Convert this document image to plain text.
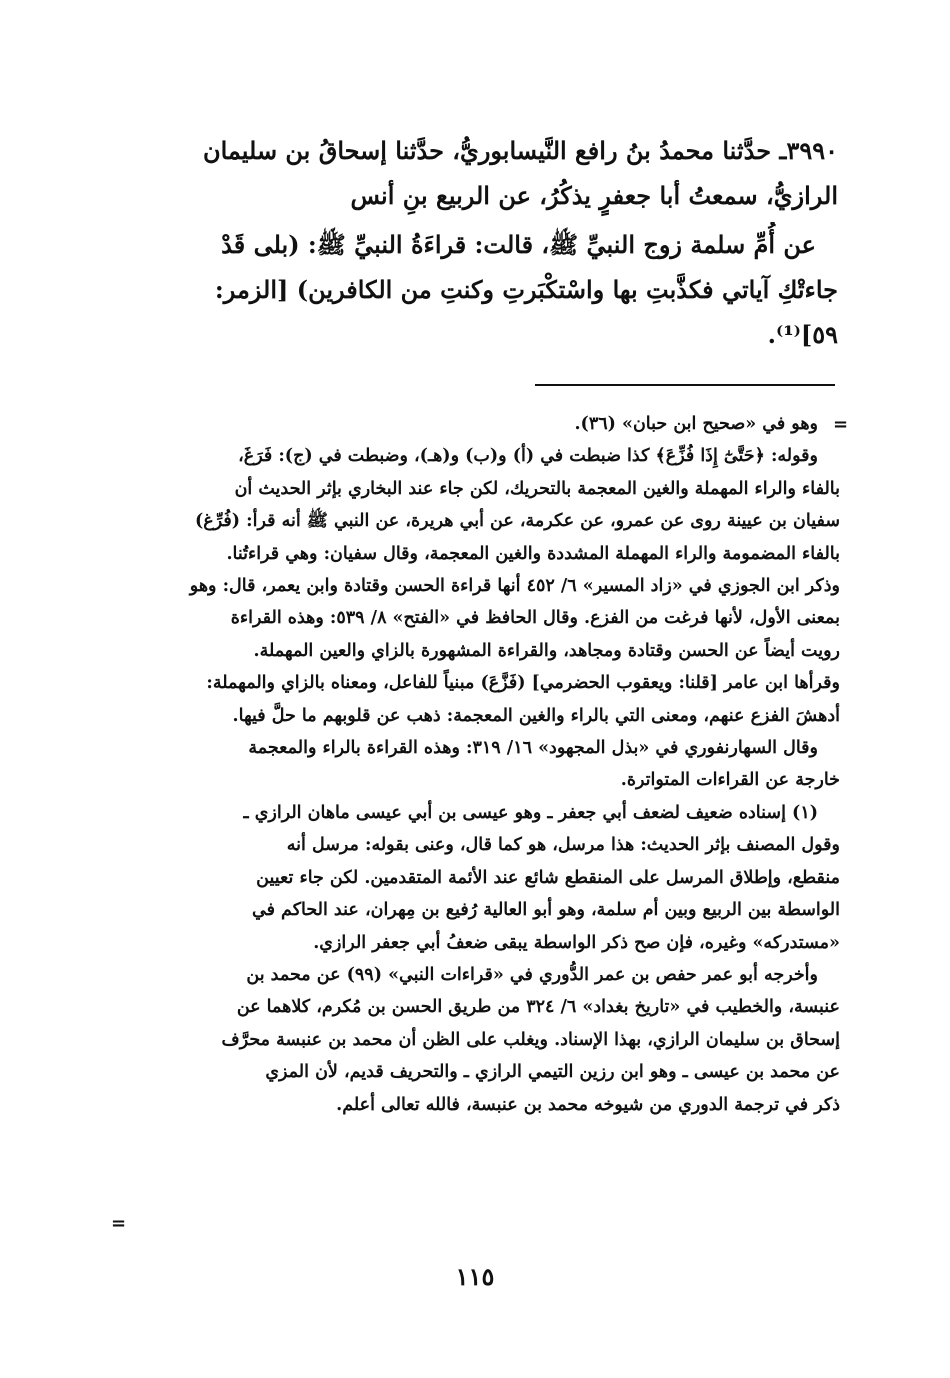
٣٩٩٠ـ حدَّثنا محمدُ بنُ رافع النَّيسابوريُّ، حدَّثنا إسحاقُ بن سليمان
الرازيُّ، سمعتُ أبا جعفرٍ يذكُرُ، عن الربيع بنِ أنس
عن أُمِّ سلمة زوج النبيِّ ﷺ، قالت: قراءَةُ النبيِّ ﷺ: (بلى قَدْ
جاءتْكِ آياتي فكذَّبتِ بها واسْتكْبَرتِ وكنتِ من الكافرين) [الزمر:
٥٩]⁽¹⁾.
=
وهو في «صحيح ابن حبان» (٣٦).
وقوله: ﴿حَتَّىٰٓ إِذَا فُزِّعَ﴾ كذا ضبطت في (أ) و(ب) و(هـ)، وضبطت في (ج): فَرَغَ،
بالفاء والراء المهملة والغين المعجمة بالتحريك، لكن جاء عند البخاري بإثر الحديث أن
سفيان بن عيينة روى عن عمرو، عن عكرمة، عن أبي هريرة، عن النبي ﷺ أنه قرأ: (فُرِّغ)
بالفاء المضمومة والراء المهملة المشددة والغين المعجمة، وقال سفيان: وهي قراءتُنا.
وذكر ابن الجوزي في «زاد المسير» ٦/ ٤٥٢ أنها قراءة الحسن وقتادة وابن يعمر، قال: وهو
بمعنى الأول، لأنها فرغت من الفزع. وقال الحافظ في «الفتح» ٨/ ٥٣٩: وهذه القراءة
رويت أيضاً عن الحسن وقتادة ومجاهد، والقراءة المشهورة بالزاي والعين المهملة.
وقرأها ابن عامر [قلنا: ويعقوب الحضرمي] (فَزَّعَ) مبنياً للفاعل، ومعناه بالزاي والمهملة:
أدهشَ الفزع عنهم، ومعنى التي بالراء والغين المعجمة: ذهب عن قلوبهم ما حلَّ فيها.
وقال السهارنفوري في «بذل المجهود» ١٦/ ٣١٩: وهذه القراءة بالراء والمعجمة
خارجة عن القراءات المتواترة.
(١) إسناده ضعيف لضعف أبي جعفر ـ وهو عيسى بن أبي عيسى ماهان الرازي ـ
وقول المصنف بإثر الحديث: هذا مرسل، هو كما قال، وعنى بقوله: مرسل أنه
منقطع، وإطلاق المرسل على المنقطع شائع عند الأئمة المتقدمين. لكن جاء تعيين
الواسطة بين الربيع وبين أم سلمة، وهو أبو العالية رُفيع بن مِهران، عند الحاكم في
«مستدركه» وغيره، فإن صح ذكر الواسطة يبقى ضعفُ أبي جعفر الرازي.
وأخرجه أبو عمر حفص بن عمر الدُّوري في «قراءات النبي» (٩٩) عن محمد بن
عنبسة، والخطيب في «تاريخ بغداد» ٦/ ٣٢٤ من طريق الحسن بن مُكرم، كلاهما عن
إسحاق بن سليمان الرازي، بهذا الإسناد. ويغلب على الظن أن محمد بن عنبسة محرَّف
عن محمد بن عيسى ـ وهو ابن رزين التيمي الرازي ـ والتحريف قديم، لأن المزي
ذكر في ترجمة الدوري من شيوخه محمد بن عنبسة، فالله تعالى أعلم.
=
١١٥
